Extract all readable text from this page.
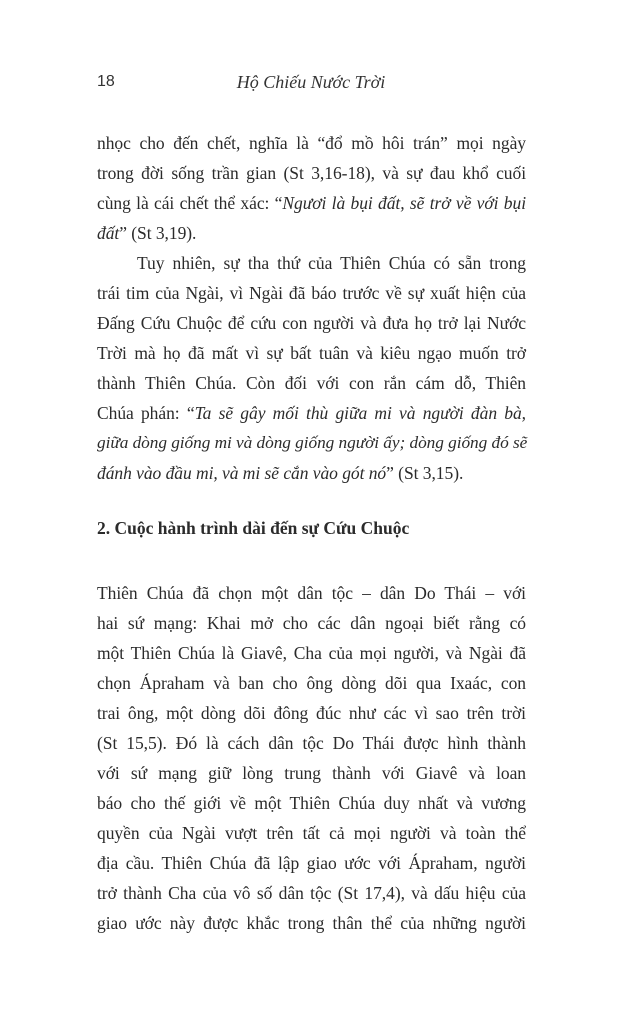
18	Hộ Chiếu Nước Trời
nhọc cho đến chết, nghĩa là “đổ mồ hôi trán” mọi ngày
trong đời sống trần gian (St 3,16-18), và sự đau khổ cuối
cùng là cái chết thể xác: “Ngươi là bụi đất, sẽ trở về với bụi
đất” (St 3,19).
Tuy nhiên, sự tha thứ của Thiên Chúa có sẵn trong
trái tim của Ngài, vì Ngài đã báo trước về sự xuất hiện của
Đấng Cứu Chuộc để cứu con người và đưa họ trở lại Nước
Trời mà họ đã mất vì sự bất tuân và kiêu ngạo muốn trở
thành Thiên Chúa. Còn đối với con rắn cám dỗ, Thiên
Chúa phán: “Ta sẽ gây mối thù giữa mi và người đàn bà,
giữa dòng giống mi và dòng giống người ấy; dòng giống đó sẽ
đánh vào đầu mi, và mi sẽ cắn vào gót nó” (St 3,15).
2. Cuộc hành trình dài đến sự Cứu Chuộc
Thiên Chúa đã chọn một dân tộc – dân Do Thái – với
hai sứ mạng: Khai mở cho các dân ngoại biết rằng có
một Thiên Chúa là Giavê, Cha của mọi người, và Ngài đã
chọn Ápraham và ban cho ông dòng dõi qua Ixaác, con
trai ông, một dòng dõi đông đúc như các vì sao trên trời
(St 15,5). Đó là cách dân tộc Do Thái được hình thành
với sứ mạng giữ lòng trung thành với Giavê và loan
báo cho thế giới về một Thiên Chúa duy nhất và vương
quyền của Ngài vượt trên tất cả mọi người và toàn thể
địa cầu. Thiên Chúa đã lập giao ước với Ápraham, người
trở thành Cha của vô số dân tộc (St 17,4), và dấu hiệu của
giao ước này được khắc trong thân thể của những người
